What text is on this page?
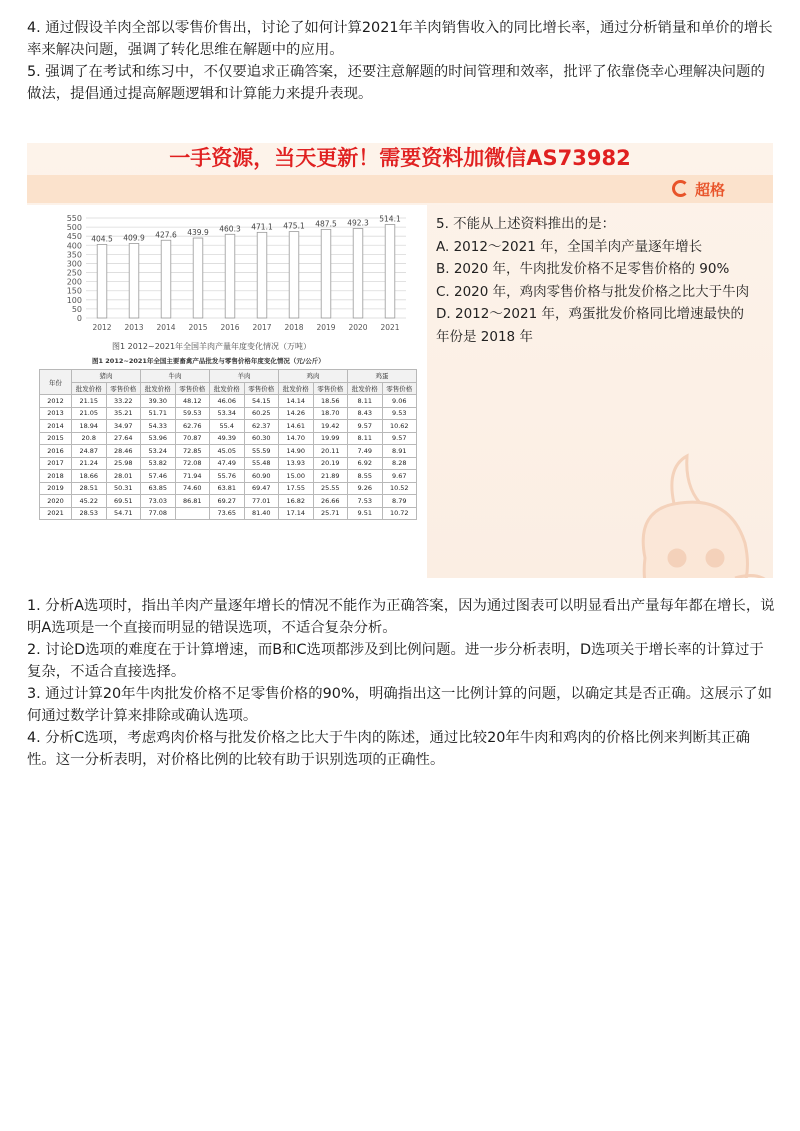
4. 通过假设羊肉全部以零售价售出，讨论了如何计算2021年羊肉销售收入的同比增长率，通过分析销量和单价的增长率来解决问题，强调了转化思维在解题中的应用。

5. 强调了在考试和练习中，不仅要追求正确答案，还要注意解题的时间管理和效率，批评了依靠侥幸心理解决问题的做法，提倡通过提高解题逻辑和计算能力来提升表现。

一手资源，当天更新！需要资料加微信AS73982
超格
0
50
100
150
200
250
300
350
400
450
500
550
404.5 409.9 427.6 439.9 460.3 471.1 475.1 487.5 492.3 514.1
2012 2013 2014 2015 2016 2017 2018 2019 2020 2021
图1 2012~2021年全国羊肉产量年度变化情况（万吨）
图1 2012~2021年全国主要畜禽产品批发与零售价格年度变化情况（元/公斤）
年份	猪肉		牛肉		羊肉		鸡肉		鸡蛋	
	批发价格	零售价格	批发价格	零售价格	批发价格	零售价格	批发价格	零售价格	批发价格	零售价格
2012	21.15	33.22	39.30	48.12	46.06	54.15	14.14	18.56	8.11	9.06
2013	21.05	35.21	51.71	59.53	53.34	60.25	14.26	18.70	8.43	9.53
2014	18.94	34.97	54.33	62.76	55.4	62.37	14.61	19.42	9.57	10.62
2015	20.8	27.64	53.96	70.87	49.39	60.30	14.70	19.99	8.11	9.57
2016	24.87	28.46	53.24	72.85	45.05	55.59	14.90	20.11	7.49	8.91
2017	21.24	25.98	53.82	72.08	47.49	55.48	13.93	20.19	6.92	8.28
2018	18.66	28.01	57.46	71.94	55.76	60.90	15.00	21.89	8.55	9.67
2019	28.51	50.31	63.85	74.60	63.81	69.47	17.55	25.55	9.26	10.52
2020	45.22	69.51	73.03	86.81	69.27	77.01	16.82	26.66	7.53	8.79
2021	28.53	54.71	77.08		73.65	81.40	17.14	25.71	9.51	10.72
5. 不能从上述资料推出的是：
A. 2012～2021 年，全国羊肉产量逐年增长
B. 2020 年，牛肉批发价格不足零售价格的 90%
C. 2020 年，鸡肉零售价格与批发价格之比大于牛肉
D. 2012～2021 年，鸡蛋批发价格同比增速最快的
年份是 2018 年

1. 分析A选项时，指出羊肉产量逐年增长的情况不能作为正确答案，因为通过图表可以明显看出产量每年都在增长，说明A选项是一个直接而明显的错误选项，不适合复杂分析。

2. 讨论D选项的难度在于计算增速，而B和C选项都涉及到比例问题。进一步分析表明，D选项关于增长率的计算过于复杂，不适合直接选择。

3. 通过计算20年牛肉批发价格不足零售价格的90%，明确指出这一比例计算的问题，以确定其是否正确。这展示了如何通过数学计算来排除或确认选项。

4. 分析C选项，考虑鸡肉价格与批发价格之比大于牛肉的陈述，通过比较20年牛肉和鸡肉的价格比例来判断其正确性。这一分析表明，对价格比例的比较有助于识别选项的正确性。
